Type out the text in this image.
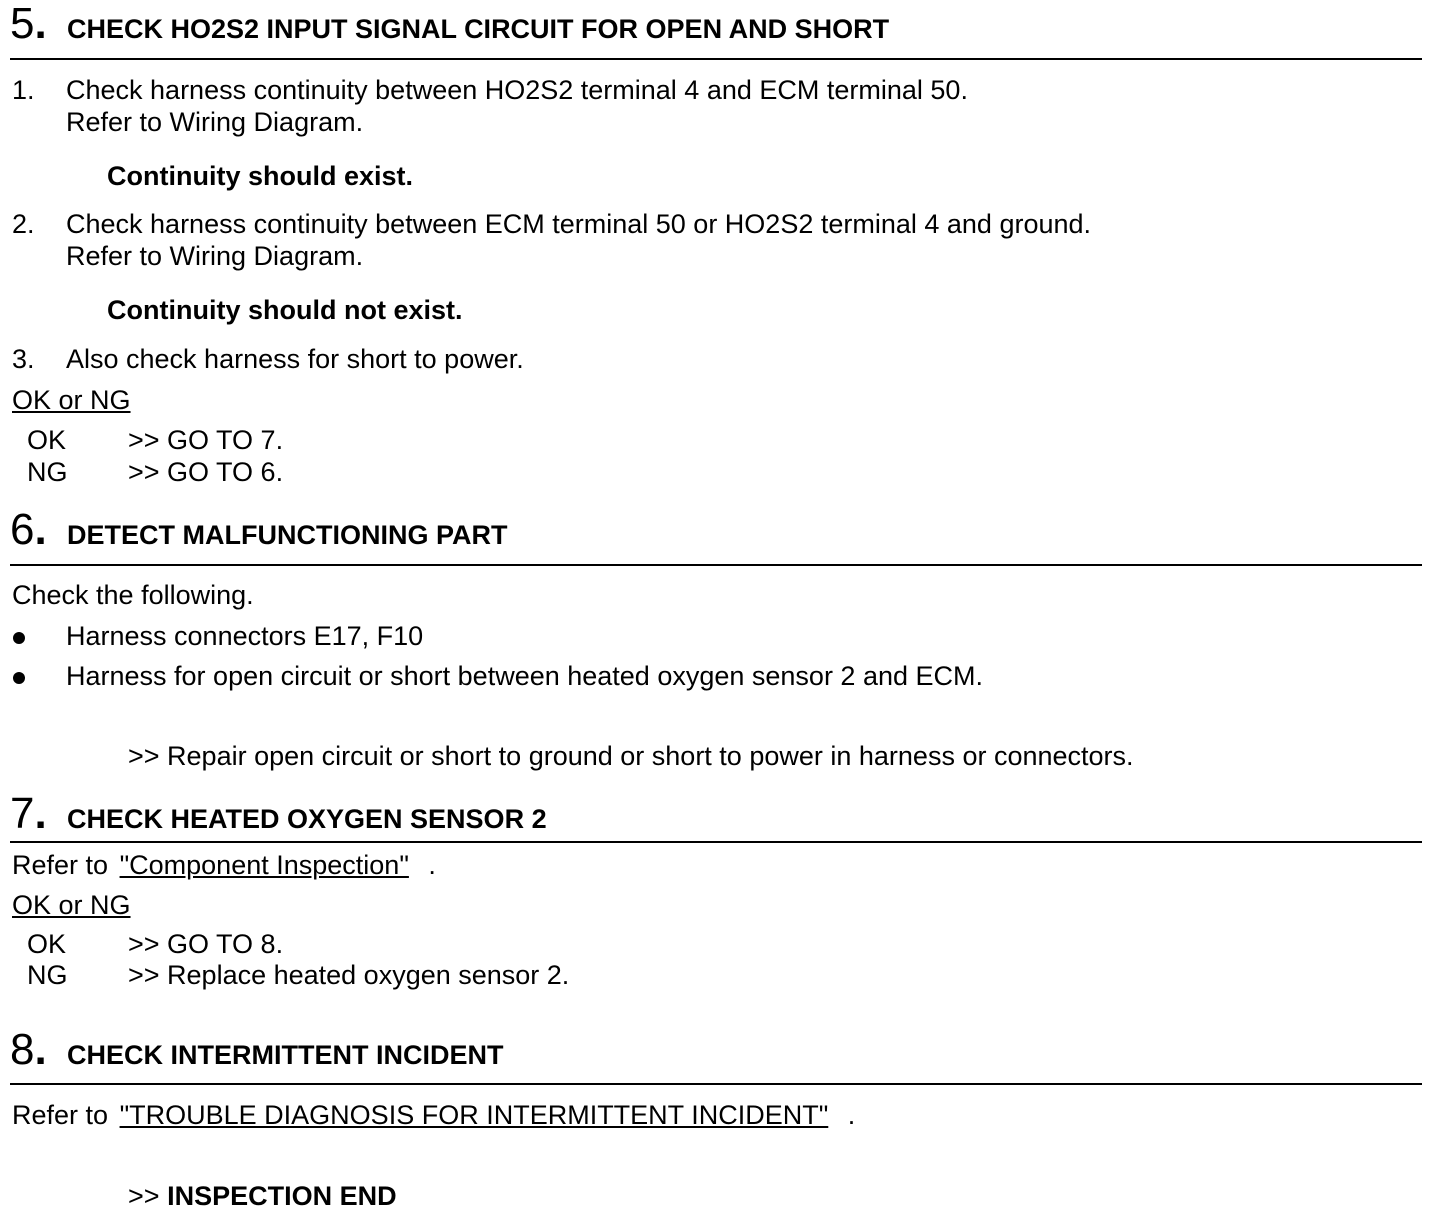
5. CHECK HO2S2 INPUT SIGNAL CIRCUIT FOR OPEN AND SHORT
1. Check harness continuity between HO2S2 terminal 4 and ECM terminal 50.
Refer to Wiring Diagram.
Continuity should exist.
2. Check harness continuity between ECM terminal 50 or HO2S2 terminal 4 and ground.
Refer to Wiring Diagram.
Continuity should not exist.
3. Also check harness for short to power.
OK or NG
OK >> GO TO 7.
NG >> GO TO 6.
6. DETECT MALFUNCTIONING PART
Check the following.
Harness connectors E17, F10
Harness for open circuit or short between heated oxygen sensor 2 and ECM.
>> Repair open circuit or short to ground or short to power in harness or connectors.
7. CHECK HEATED OXYGEN SENSOR 2
Refer to "Component Inspection" .
OK or NG
OK >> GO TO 8.
NG >> Replace heated oxygen sensor 2.
8. CHECK INTERMITTENT INCIDENT
Refer to "TROUBLE DIAGNOSIS FOR INTERMITTENT INCIDENT" .
>> INSPECTION END
